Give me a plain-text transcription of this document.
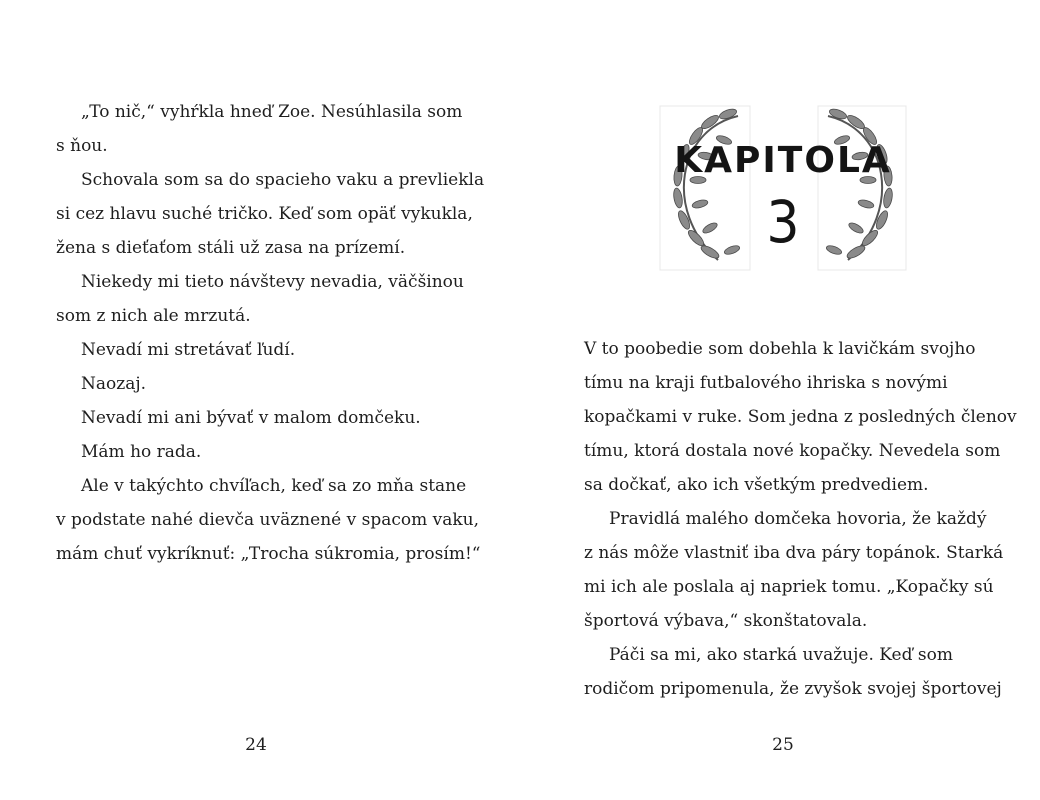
„To nič,“ vyhŕkla hneď Zoe. Nesúhlasila som
s ňou.
Schovala som sa do spacieho vaku a prevliekla
si cez hlavu suché tričko. Keď som opäť vykukla,
žena s dieťaťom stáli už zasa na prízemí.
Niekedy mi tieto návštevy nevadia, väčšinou
som z nich ale mrzutá.
Nevadí mi stretávať ľudí.
Naozaj.
Nevadí mi ani bývať v malom domčeku.
Mám ho rada.
Ale v takýchto chvíľach, keď sa zo mňa stane
v podstate nahé dievča uväznené v spacom vaku,
mám chuť vykríknuť: „Trocha súkromia, prosím!“
24
KAPITOLA
3
V to poobedie som dobehla k lavičkám svojho
tímu na kraji futbalového ihriska s novými
kopačkami v ruke. Som jedna z posledných členov
tímu, ktorá dostala nové kopačky. Nevedela som
sa dočkať, ako ich všetkým predvediem.
Pravidlá malého domčeka hovoria, že každý
z nás môže vlastniť iba dva páry topánok. Starká
mi ich ale poslala aj napriek tomu. „Kopačky sú
športová výbava,“ skonštatovala.
Páči sa mi, ako starká uvažuje. Keď som
rodičom pripomenula, že zvyšok svojej športovej
25
